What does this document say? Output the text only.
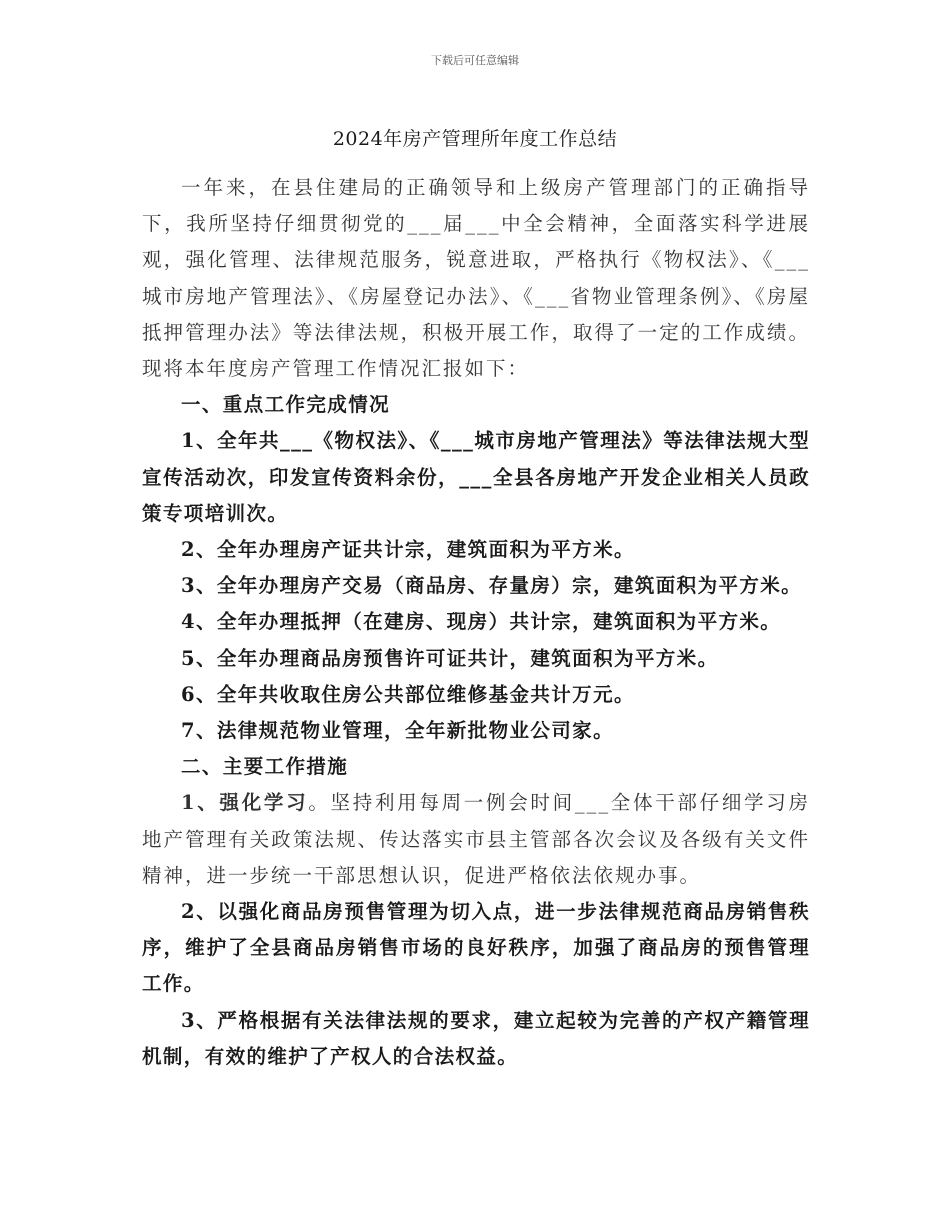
下载后可任意编辑
2024年房产管理所年度工作总结

一年来，在县住建局的正确领导和上级房产管理部门的正确指导下，我所坚持仔细贯彻党的___届___中全会精神，全面落实科学进展观，强化管理、法律规范服务，锐意进取，严格执行《物权法》、《___城市房地产管理法》、《房屋登记办法》、《___省物业管理条例》、《房屋抵押管理办法》等法律法规，积极开展工作，取得了一定的工作成绩。现将本年度房产管理工作情况汇报如下：

一、重点工作完成情况

1、全年共___《物权法》、《___城市房地产管理法》等法律法规大型宣传活动次，印发宣传资料余份，___全县各房地产开发企业相关人员政策专项培训次。

2、全年办理房产证共计宗，建筑面积为平方米。

3、全年办理房产交易（商品房、存量房）宗，建筑面积为平方米。

4、全年办理抵押（在建房、现房）共计宗，建筑面积为平方米。

5、全年办理商品房预售许可证共计，建筑面积为平方米。

6、全年共收取住房公共部位维修基金共计万元。

7、法律规范物业管理，全年新批物业公司家。

二、主要工作措施

1、强化学习。坚持利用每周一例会时间___全体干部仔细学习房地产管理有关政策法规、传达落实市县主管部各次会议及各级有关文件精神，进一步统一干部思想认识，促进严格依法依规办事。

2、以强化商品房预售管理为切入点，进一步法律规范商品房销售秩序，维护了全县商品房销售市场的良好秩序，加强了商品房的预售管理工作。

3、严格根据有关法律法规的要求，建立起较为完善的产权产籍管理机制，有效的维护了产权人的合法权益。
